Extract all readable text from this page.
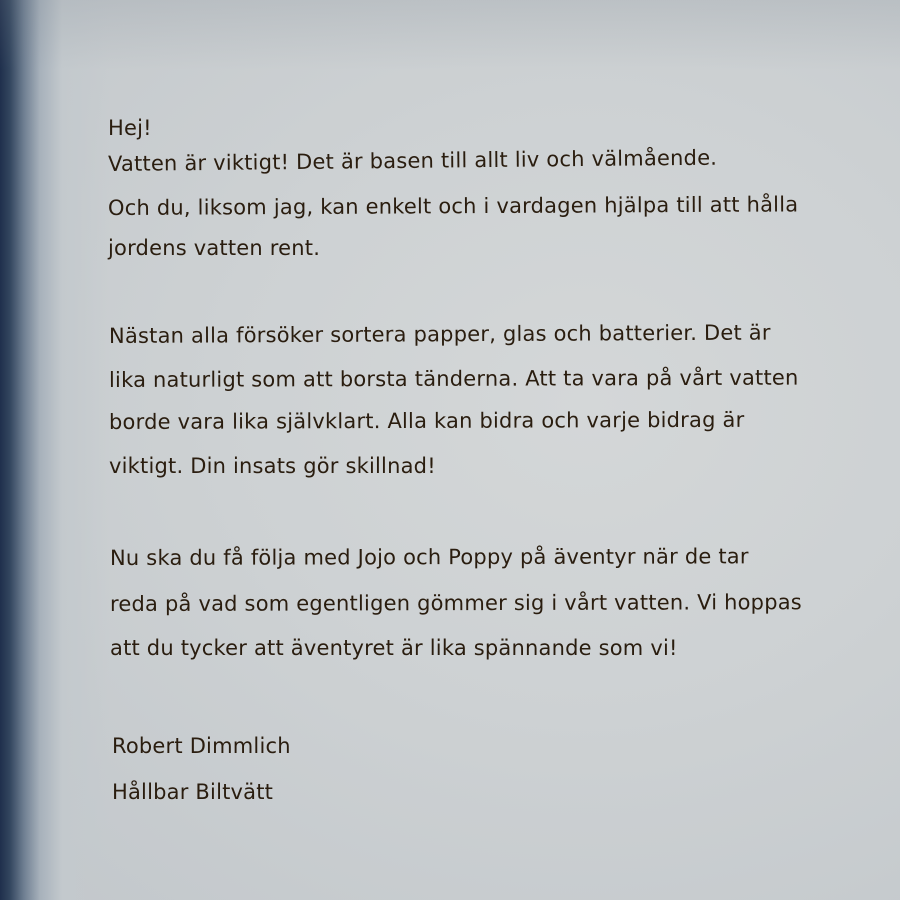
Hej!
Vatten är viktigt! Det är basen till allt liv och välmående.
Och du, liksom jag, kan enkelt och i vardagen hjälpa till att hålla
jordens vatten rent.
Nästan alla försöker sortera papper, glas och batterier. Det är
lika naturligt som att borsta tänderna. Att ta vara på vårt vatten
borde vara lika självklart. Alla kan bidra och varje bidrag är
viktigt. Din insats gör skillnad!
Nu ska du få följa med Jojo och Poppy på äventyr när de tar
reda på vad som egentligen gömmer sig i vårt vatten. Vi hoppas
att du tycker att äventyret är lika spännande som vi!
Robert Dimmlich
Hållbar Biltvätt
